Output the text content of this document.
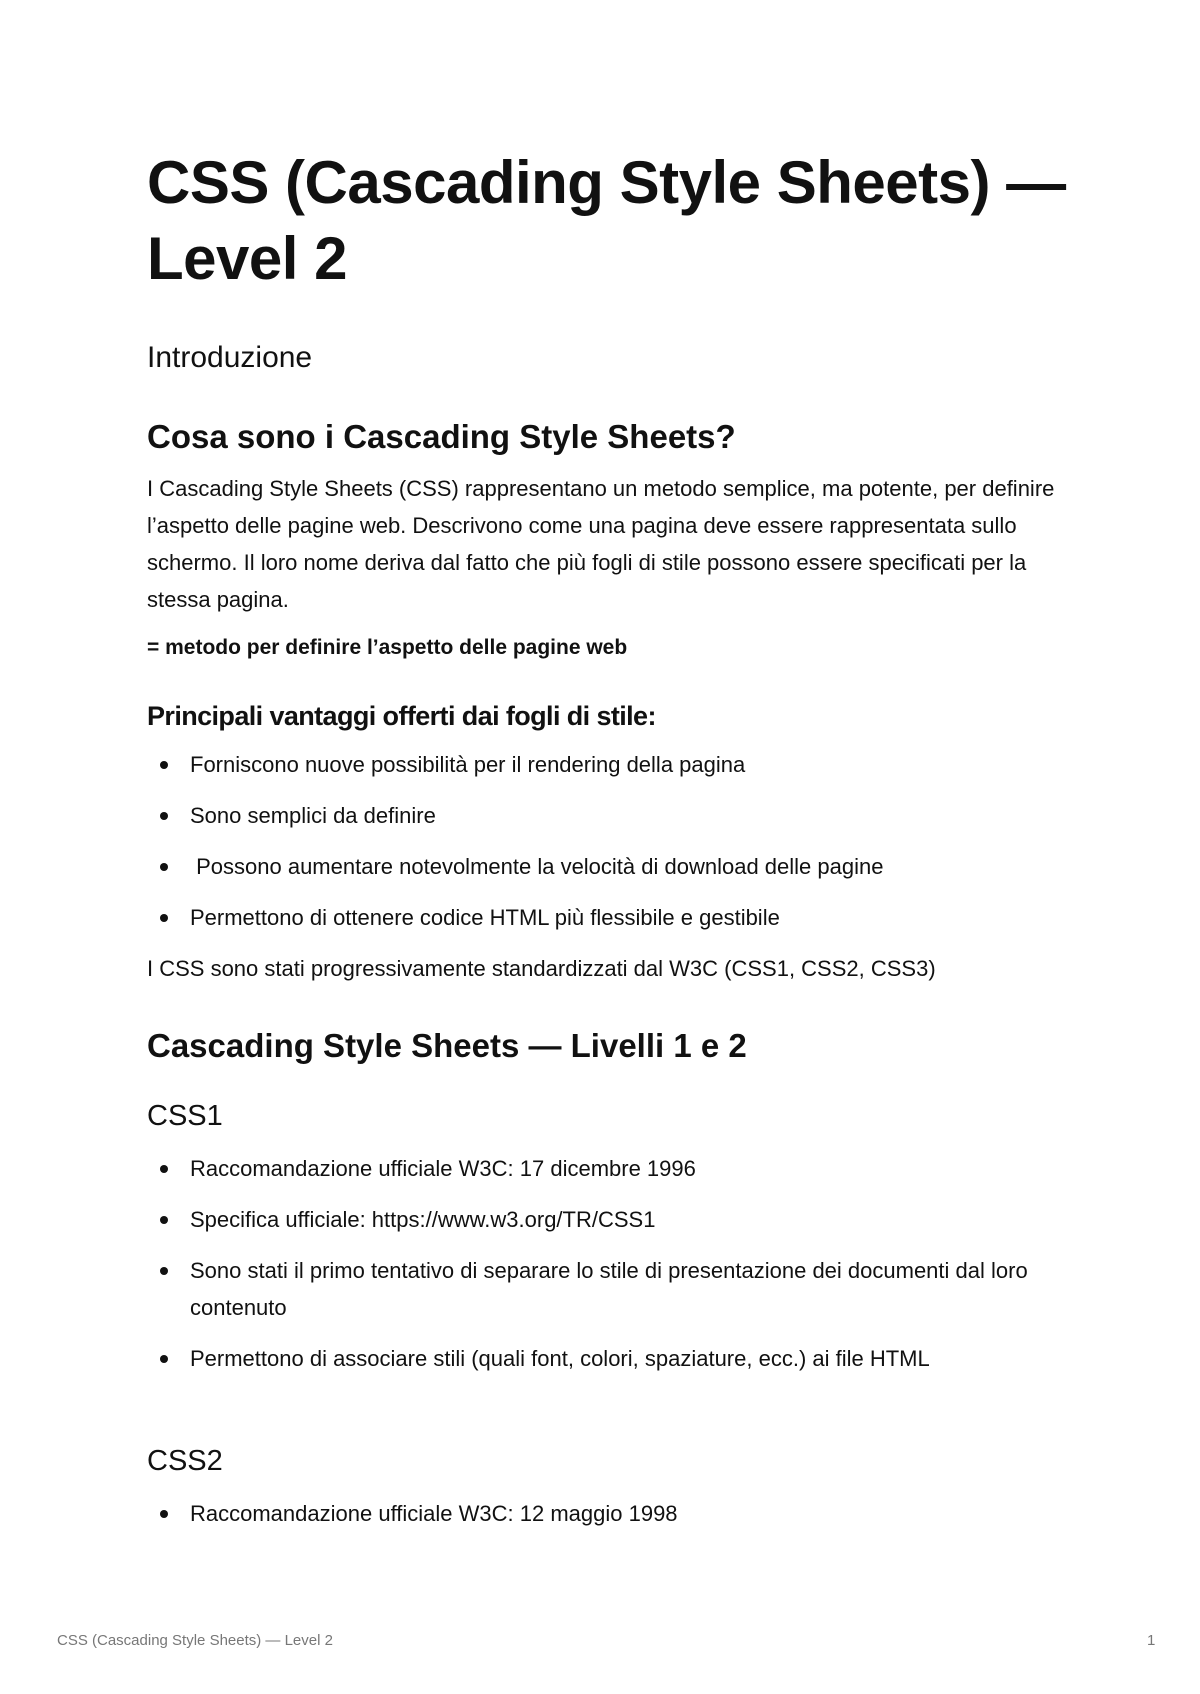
CSS (Cascading Style Sheets) — Level 2
Introduzione
Cosa sono i Cascading Style Sheets?

I Cascading Style Sheets (CSS) rappresentano un metodo semplice, ma potente, per definire l’aspetto delle pagine web. Descrivono come una pagina deve essere rappresentata sullo schermo. Il loro nome deriva dal fatto che più fogli di stile possono essere specificati per la stessa pagina.

= metodo per definire l’aspetto delle pagine web
Principali vantaggi offerti dai fogli di stile:
Forniscono nuove possibilità per il rendering della pagina
Sono semplici da definire
Possono aumentare notevolmente la velocità di download delle pagine
Permettono di ottenere codice HTML più flessibile e gestibile

I CSS sono stati progressivamente standardizzati dal W3C (CSS1, CSS2, CSS3)

Cascading Style Sheets — Livelli 1 e 2
CSS1
Raccomandazione ufficiale W3C: 17 dicembre 1996
Specifica ufficiale: https://www.w3.org/TR/CSS1
Sono stati il primo tentativo di separare lo stile di presentazione dei documenti dal loro contenuto
Permettono di associare stili (quali font, colori, spaziature, ecc.) ai file HTML
CSS2
Raccomandazione ufficiale W3C: 12 maggio 1998
CSS (Cascading Style Sheets) — Level 2	1
